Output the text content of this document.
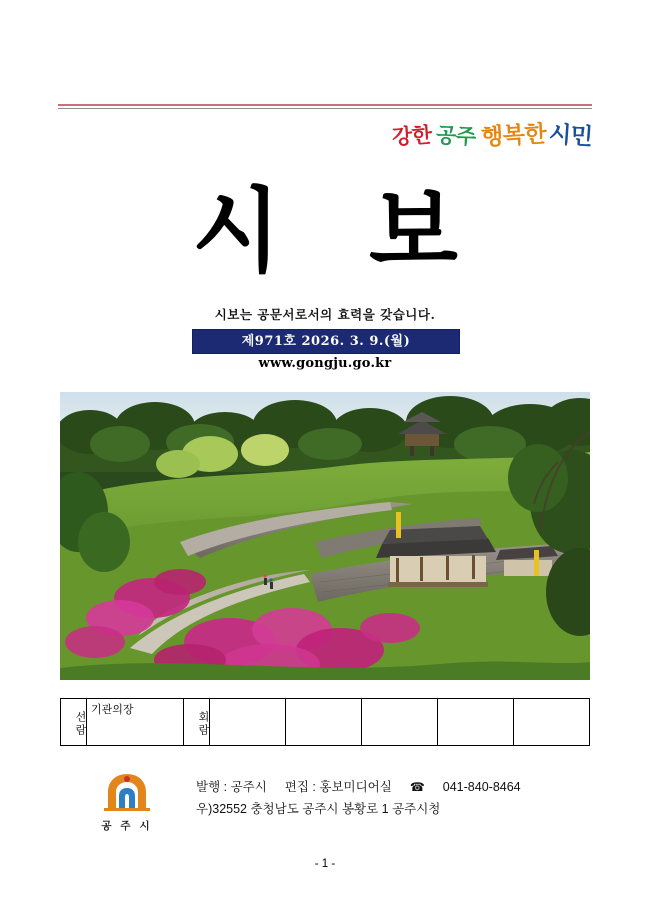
강한 공주 행복한시민
시보
시보는 공문서로서의 효력을 갖습니다.
제971호 2026. 3. 9.(월)
www.gongju.go.kr
선람	기관의장	회람					
공 주 시
발행 : 공주시 편집 : 홍보미디어실 ☎ 041-840-8464
우)32552 충청남도 공주시 봉황로 1 공주시청
- 1 -
